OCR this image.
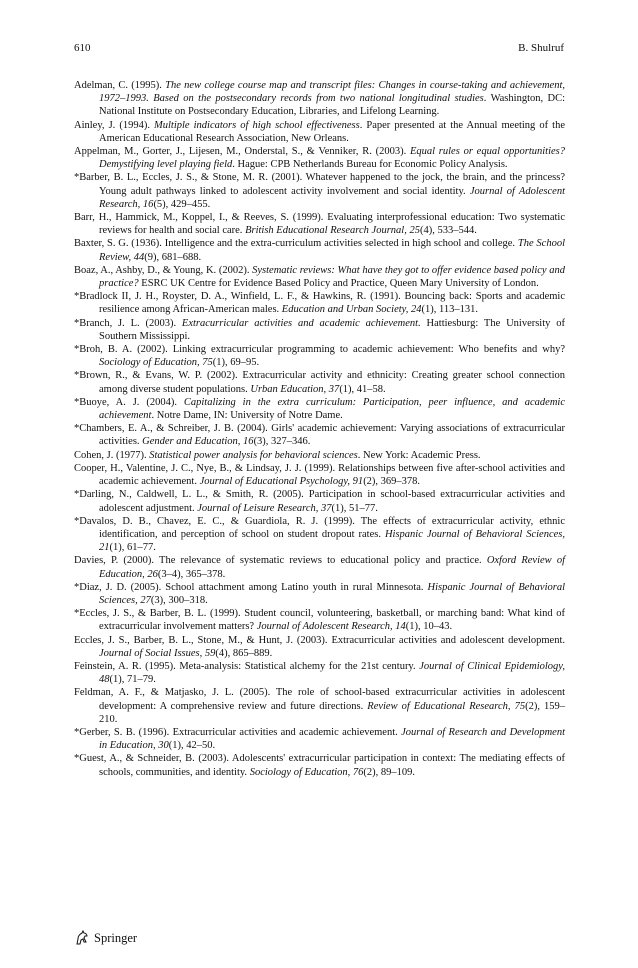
610	B. Shulruf
Adelman, C. (1995). The new college course map and transcript files: Changes in course-taking and achievement, 1972–1993. Based on the postsecondary records from two national longitudinal studies. Washington, DC: National Institute on Postsecondary Education, Libraries, and Lifelong Learning.
Ainley, J. (1994). Multiple indicators of high school effectiveness. Paper presented at the Annual meeting of the American Educational Research Association, New Orleans.
Appelman, M., Gorter, J., Lijesen, M., Onderstal, S., & Venniker, R. (2003). Equal rules or equal opportunities? Demystifying level playing field. Hague: CPB Netherlands Bureau for Economic Policy Analysis.
*Barber, B. L., Eccles, J. S., & Stone, M. R. (2001). Whatever happened to the jock, the brain, and the princess? Young adult pathways linked to adolescent activity involvement and social identity. Journal of Adolescent Research, 16(5), 429–455.
Barr, H., Hammick, M., Koppel, I., & Reeves, S. (1999). Evaluating interprofessional education: Two systematic reviews for health and social care. British Educational Research Journal, 25(4), 533–544.
Baxter, S. G. (1936). Intelligence and the extra-curriculum activities selected in high school and college. The School Review, 44(9), 681–688.
Boaz, A., Ashby, D., & Young, K. (2002). Systematic reviews: What have they got to offer evidence based policy and practice? ESRC UK Centre for Evidence Based Policy and Practice, Queen Mary University of London.
*Bradlock II, J. H., Royster, D. A., Winfield, L. F., & Hawkins, R. (1991). Bouncing back: Sports and academic resilience among African-American males. Education and Urban Society, 24(1), 113–131.
*Branch, J. L. (2003). Extracurricular activities and academic achievement. Hattiesburg: The University of Southern Mississippi.
*Broh, B. A. (2002). Linking extracurricular programming to academic achievement: Who benefits and why? Sociology of Education, 75(1), 69–95.
*Brown, R., & Evans, W. P. (2002). Extracurricular activity and ethnicity: Creating greater school connection among diverse student populations. Urban Education, 37(1), 41–58.
*Buoye, A. J. (2004). Capitalizing in the extra curriculum: Participation, peer influence, and academic achievement. Notre Dame, IN: University of Notre Dame.
*Chambers, E. A., & Schreiber, J. B. (2004). Girls' academic achievement: Varying associations of extracurricular activities. Gender and Education, 16(3), 327–346.
Cohen, J. (1977). Statistical power analysis for behavioral sciences. New York: Academic Press.
Cooper, H., Valentine, J. C., Nye, B., & Lindsay, J. J. (1999). Relationships between five after-school activities and academic achievement. Journal of Educational Psychology, 91(2), 369–378.
*Darling, N., Caldwell, L. L., & Smith, R. (2005). Participation in school-based extracurricular activities and adolescent adjustment. Journal of Leisure Research, 37(1), 51–77.
*Davalos, D. B., Chavez, E. C., & Guardiola, R. J. (1999). The effects of extracurricular activity, ethnic identification, and perception of school on student dropout rates. Hispanic Journal of Behavioral Sciences, 21(1), 61–77.
Davies, P. (2000). The relevance of systematic reviews to educational policy and practice. Oxford Review of Education, 26(3–4), 365–378.
*Diaz, J. D. (2005). School attachment among Latino youth in rural Minnesota. Hispanic Journal of Behavioral Sciences, 27(3), 300–318.
*Eccles, J. S., & Barber, B. L. (1999). Student council, volunteering, basketball, or marching band: What kind of extracurricular involvement matters? Journal of Adolescent Research, 14(1), 10–43.
Eccles, J. S., Barber, B. L., Stone, M., & Hunt, J. (2003). Extracurricular activities and adolescent development. Journal of Social Issues, 59(4), 865–889.
Feinstein, A. R. (1995). Meta-analysis: Statistical alchemy for the 21st century. Journal of Clinical Epidemiology, 48(1), 71–79.
Feldman, A. F., & Matjasko, J. L. (2005). The role of school-based extracurricular activities in adolescent development: A comprehensive review and future directions. Review of Educational Research, 75(2), 159–210.
*Gerber, S. B. (1996). Extracurricular activities and academic achievement. Journal of Research and Development in Education, 30(1), 42–50.
*Guest, A., & Schneider, B. (2003). Adolescents' extracurricular participation in context: The mediating effects of schools, communities, and identity. Sociology of Education, 76(2), 89–109.
Springer
